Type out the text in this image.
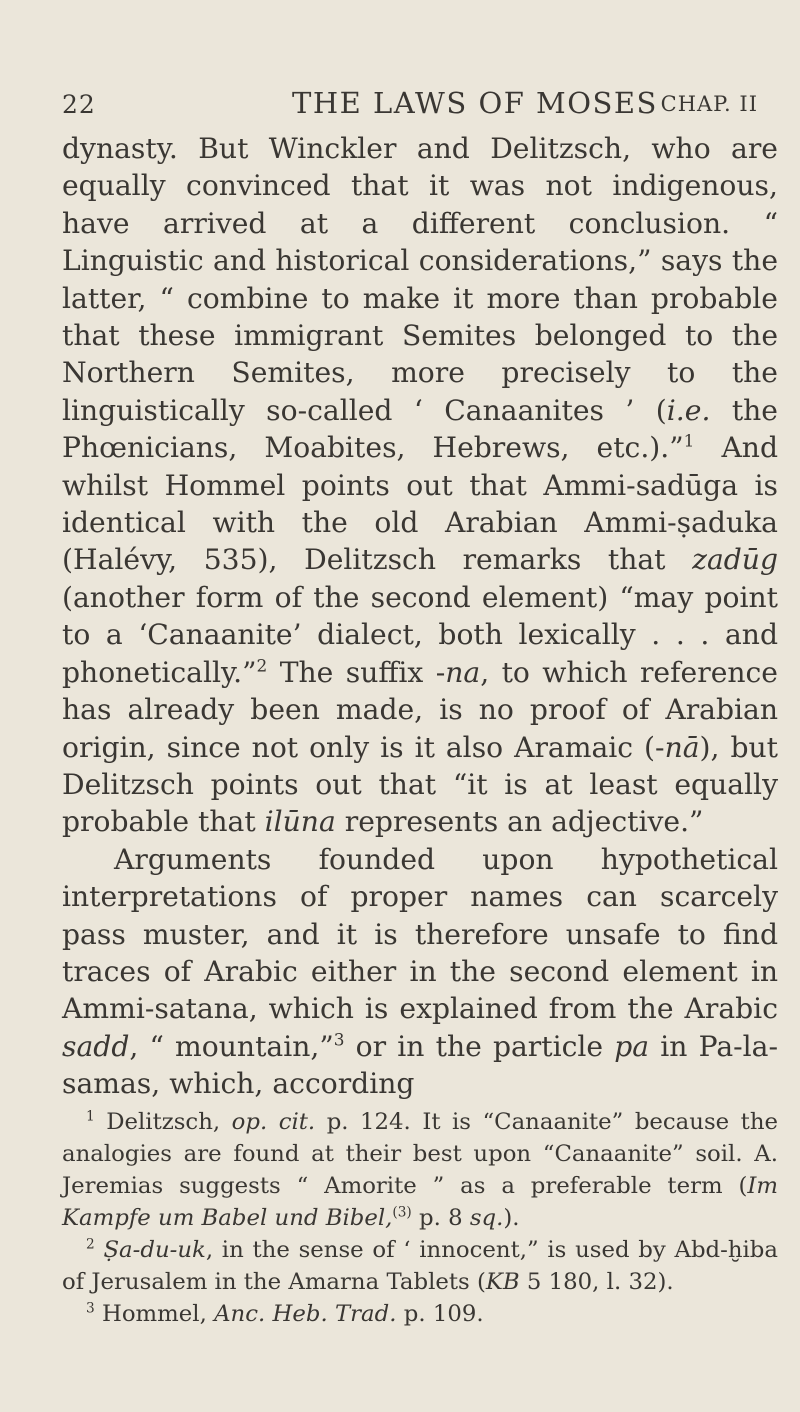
22	THE LAWS OF MOSES CHAP. II

dynasty. But Winckler and Delitzsch, who are equally convinced that it was not indigenous, have arrived at a different conclusion. “ Linguistic and historical considerations,” says the latter, “ combine to make it more than probable that these immigrant Semites belonged to the Northern Semites, more precisely to the linguistically so-called ‘ Canaanites ’ (i.e. the Phœnicians, Moabites, Hebrews, etc.).”$^1$ And whilst Hommel points out that Ammi-sadūga is identical with the old Arabian Ammi-ṣaduka (Halévy, 535), Delitzsch remarks that zadūg (another form of the second element) “may point to a ‘Canaanite’ dialect, both lexically . . . and phonetically.”$^2$ The suffix -na, to which reference has already been made, is no proof of Arabian origin, since not only is it also Aramaic (-nā), but Delitzsch points out that “it is at least equally probable that ilūna represents an adjective.”

Arguments founded upon hypothetical interpretations of proper names can scarcely pass muster, and it is therefore unsafe to find traces of Arabic either in the second element in Ammi-satana, which is explained from the Arabic sadd, “ mountain,”$^3$ or in the particle pa in Pa-la-samas, which, according

$^1$ Delitzsch, op. cit. p. 124. It is “Canaanite” because the analogies are found at their best upon “Canaanite” soil. A. Jeremias suggests “ Amorite ” as a preferable term (Im Kampfe um Babel und Bibel,$^{(3)}$ p. 8 sq.).

$^2$ Ṣa-du-uk, in the sense of ‘ innocent,” is used by Abd-ḫiba of Jerusalem in the Amarna Tablets (KB 5 180, l. 32).

$^3$ Hommel, Anc. Heb. Trad. p. 109.
